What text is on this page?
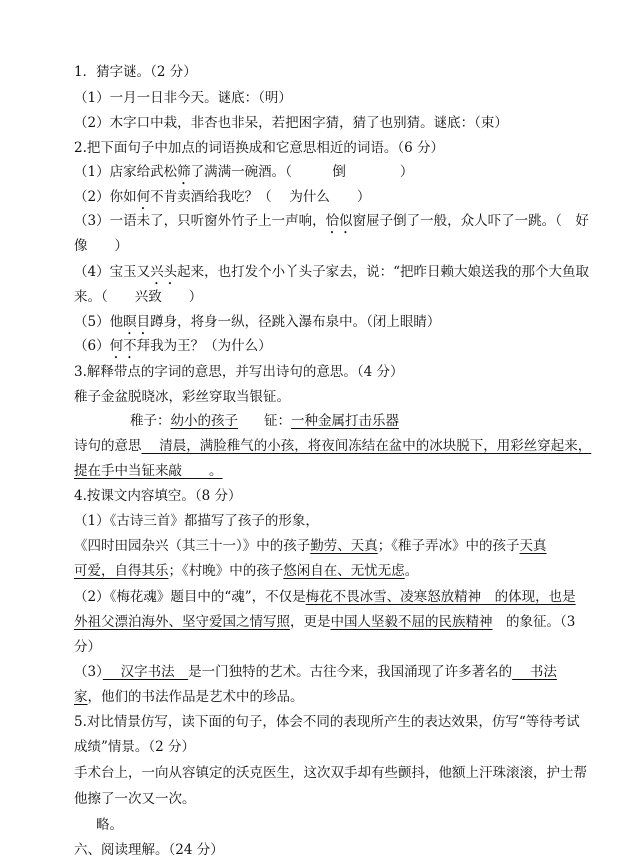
1．猜字谜。（2 分）
（1）一月一日非今天。谜底：（明）
（2）木字口中栽，非杏也非呆，若把困字猜，猜了也别猜。谜底：（束）
2.把下面句子中加点的词语换成和它意思相近的词语。（6 分）
（1）店家给武松筛了满满一碗酒。（　　　倒　　　　）
（2）你如何不肯卖酒给我吃？（　 为什么　　）
（3）一语未了，只听窗外竹子上一声响，恰似窗屉子倒了一般，众人吓了一跳。（　好
像　　）
（4）宝玉又兴头起来，也打发个小丫头子家去，说：“把昨日赖大娘送我的那个大鱼取
来。（　　兴致　　）
（5）他瞑目蹲身，将身一纵，径跳入瀑布泉中。（闭上眼睛）
（6）何不拜我为王？（为什么）
3.解释带点的字词的意思，并写出诗句的意思。（4 分）
稚子金盆脱晓冰，彩丝穿取当银钲。
稚子：幼小的孩子 钲：一种金属打击乐器
诗句的意思　 清晨，满脸稚气的小孩，将夜间冻结在盆中的冰块脱下，用彩丝穿起来，
提在手中当钲来敲　　。
4.按课文内容填空。（8 分）
（1）《古诗三首》都描写了孩子的形象，
《四时田园杂兴（其三十一）》中的孩子勤劳、天真；《稚子弄冰》中的孩子天真
可爱，自得其乐；《村晚》中的孩子悠闲自在、无忧无虑。
（2）《梅花魂》题目中的“魂”，不仅是梅花不畏冰雪、凌寒怒放精神　的体现，也是
外祖父漂泊海外、坚守爱国之情写照，更是中国人坚毅不屈的民族精神　的象征。（3
分）
（3）　 汉字书法　是一门独特的艺术。古往今来，我国涌现了许多著名的　 书法
家，他们的书法作品是艺术中的珍品。
5.对比情景仿写，读下面的句子，体会不同的表现所产生的表达效果，仿写“等待考试
成绩”情景。（2 分）
手术台上，一向从容镇定的沃克医生，这次双手却有些颤抖，他额上汗珠滚滚，护士帮
他擦了一次又一次。
略。
六、阅读理解。（24 分）
